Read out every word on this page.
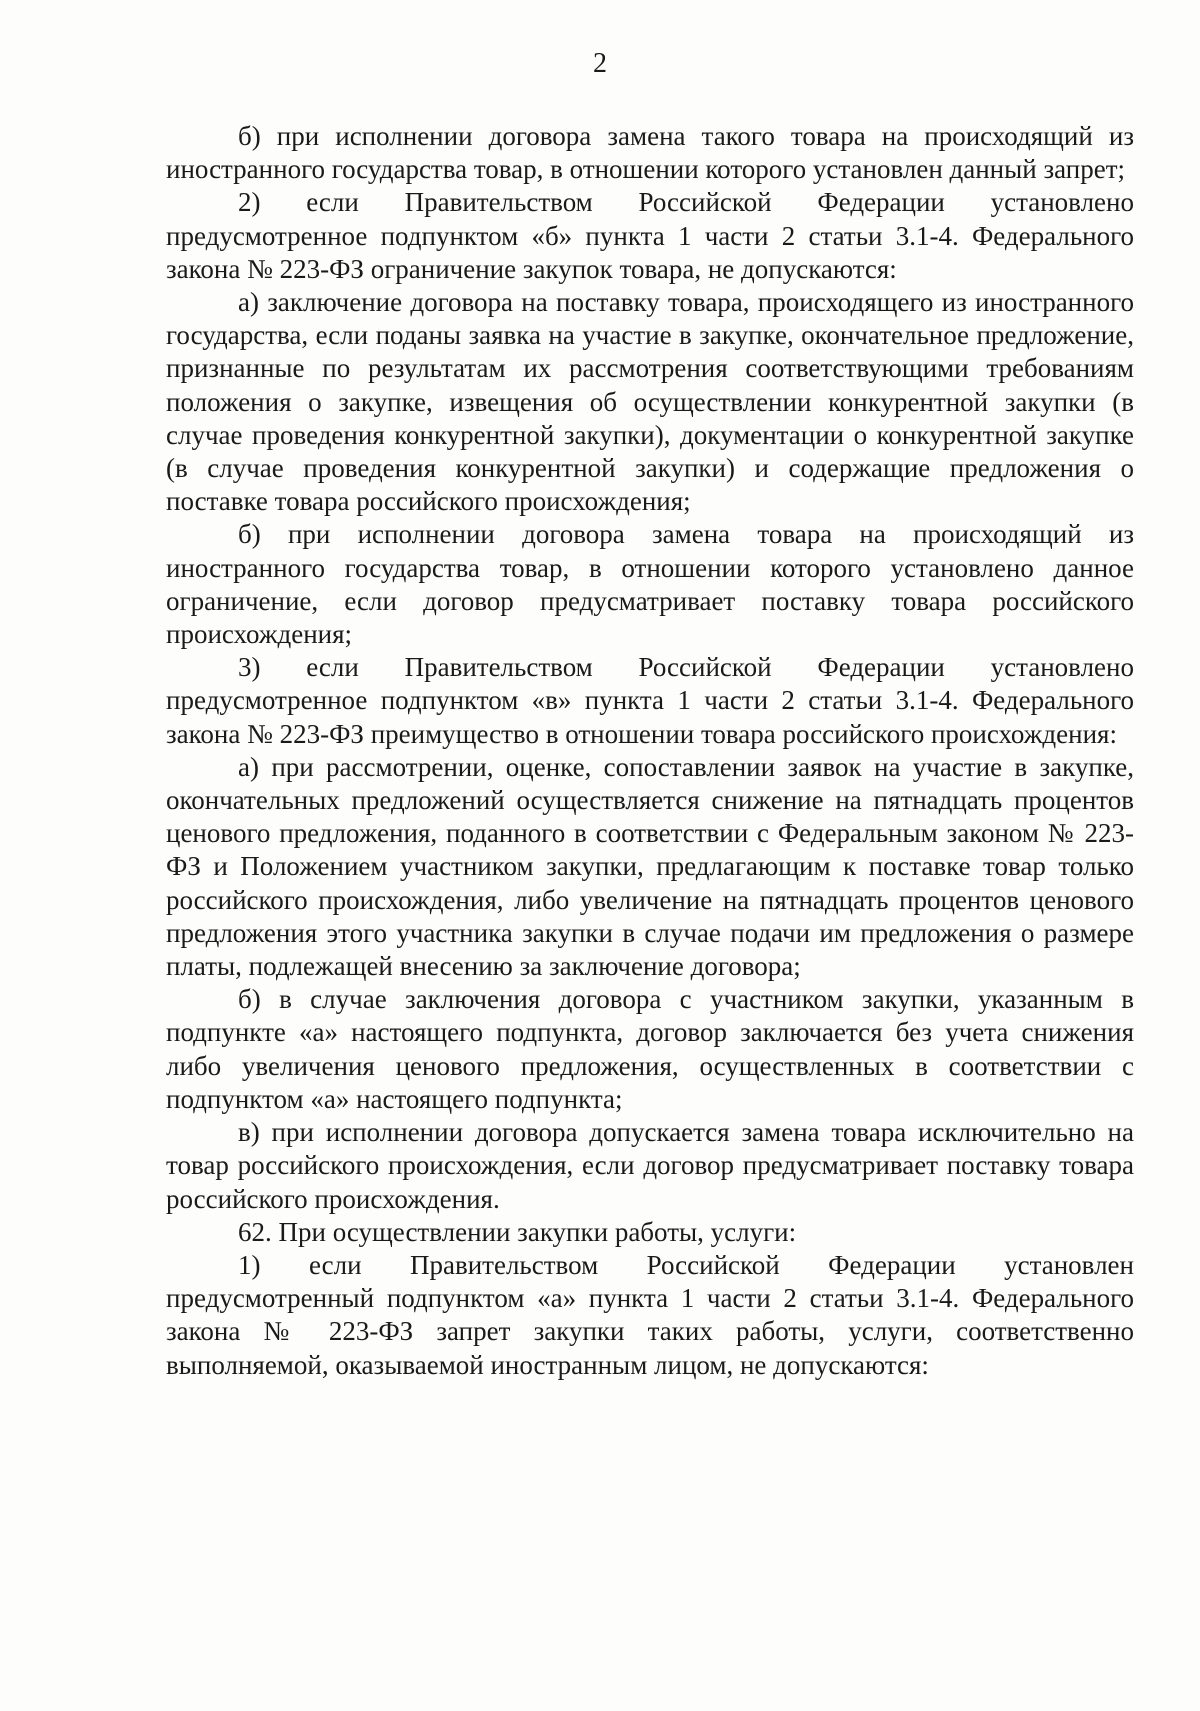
2

б) при исполнении договора замена такого товара на происходящий из иностранного государства товар, в отношении которого установлен данный запрет;

2) если Правительством Российской Федерации установлено предусмотренное подпунктом «б» пункта 1 части 2 статьи 3.1-4. Федерального закона № 223-ФЗ ограничение закупок товара, не допускаются:

а) заключение договора на поставку товара, происходящего из иностранного государства, если поданы заявка на участие в закупке, окончательное предложение, признанные по результатам их рассмотрения соответствующими требованиям положения о закупке, извещения об осуществлении конкурентной закупки (в случае проведения конкурентной закупки), документации о конкурентной закупке (в случае проведения конкурентной закупки) и содержащие предложения о поставке товара российского происхождения;

б) при исполнении договора замена товара на происходящий из иностранного государства товар, в отношении которого установлено данное ограничение, если договор предусматривает поставку товара российского происхождения;

3) если Правительством Российской Федерации установлено предусмотренное подпунктом «в» пункта 1 части 2 статьи 3.1-4. Федерального закона № 223-ФЗ преимущество в отношении товара российского происхождения:

а) при рассмотрении, оценке, сопоставлении заявок на участие в закупке, окончательных предложений осуществляется снижение на пятнадцать процентов ценового предложения, поданного в соответствии с Федеральным законом № 223-ФЗ и Положением участником закупки, предлагающим к поставке товар только российского происхождения, либо увеличение на пятнадцать процентов ценового предложения этого участника закупки в случае подачи им предложения о размере платы, подлежащей внесению за заключение договора;

б) в случае заключения договора с участником закупки, указанным в подпункте «а» настоящего подпункта, договор заключается без учета снижения либо увеличения ценового предложения, осуществленных в соответствии с подпунктом «а» настоящего подпункта;

в) при исполнении договора допускается замена товара исключительно на товар российского происхождения, если договор предусматривает поставку товара российского происхождения.

62. При осуществлении закупки работы, услуги:

1) если Правительством Российской Федерации установлен предусмотренный подпунктом «а» пункта 1 части 2 статьи 3.1-4. Федерального закона № 223-ФЗ запрет закупки таких работы, услуги, соответственно выполняемой, оказываемой иностранным лицом, не допускаются:
